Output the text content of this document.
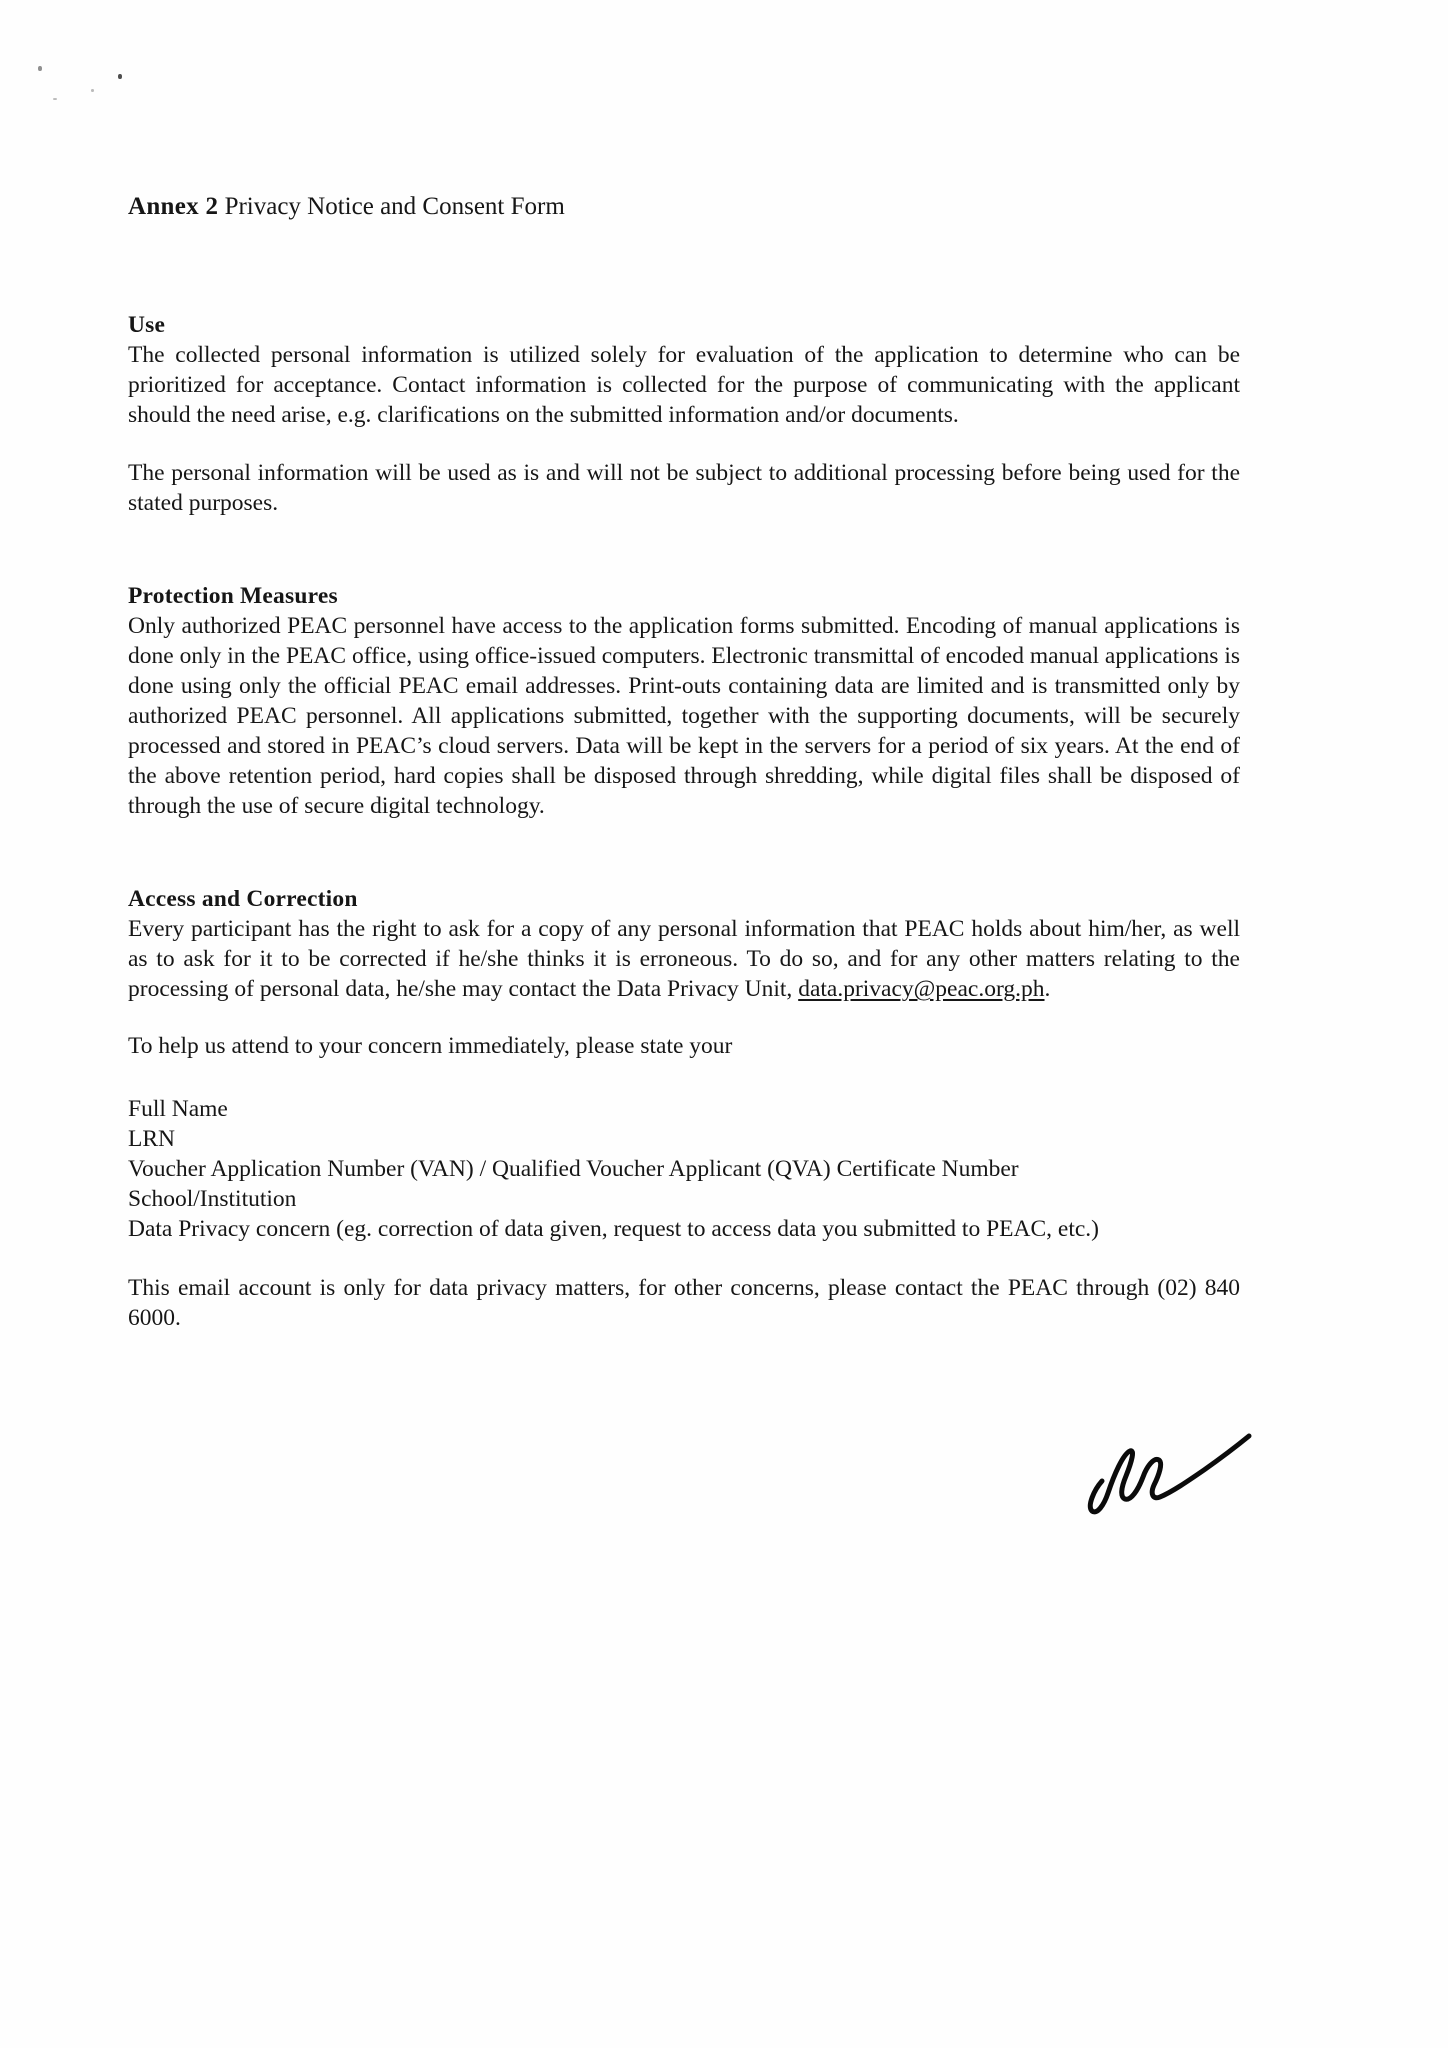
Annex 2 Privacy Notice and Consent Form

Use

The collected personal information is utilized solely for evaluation of the application to determine who can be prioritized for acceptance. Contact information is collected for the purpose of communicating with the applicant should the need arise, e.g. clarifications on the submitted information and/or documents.

The personal information will be used as is and will not be subject to additional processing before being used for the stated purposes.

Protection Measures

Only authorized PEAC personnel have access to the application forms submitted. Encoding of manual applications is done only in the PEAC office, using office-issued computers. Electronic transmittal of encoded manual applications is done using only the official PEAC email addresses. Print-outs containing data are limited and is transmitted only by authorized PEAC personnel. All applications submitted, together with the supporting documents, will be securely processed and stored in PEAC’s cloud servers. Data will be kept in the servers for a period of six years. At the end of the above retention period, hard copies shall be disposed through shredding, while digital files shall be disposed of through the use of secure digital technology.

Access and Correction

Every participant has the right to ask for a copy of any personal information that PEAC holds about him/her, as well as to ask for it to be corrected if he/she thinks it is erroneous. To do so, and for any other matters relating to the processing of personal data, he/she may contact the Data Privacy Unit, data.privacy@peac.org.ph.

To help us attend to your concern immediately, please state your

Full Name

LRN

Voucher Application Number (VAN) / Qualified Voucher Applicant (QVA) Certificate Number

School/Institution

Data Privacy concern (eg. correction of data given, request to access data you submitted to PEAC, etc.)

This email account is only for data privacy matters, for other concerns, please contact the PEAC through (02) 840 6000.
